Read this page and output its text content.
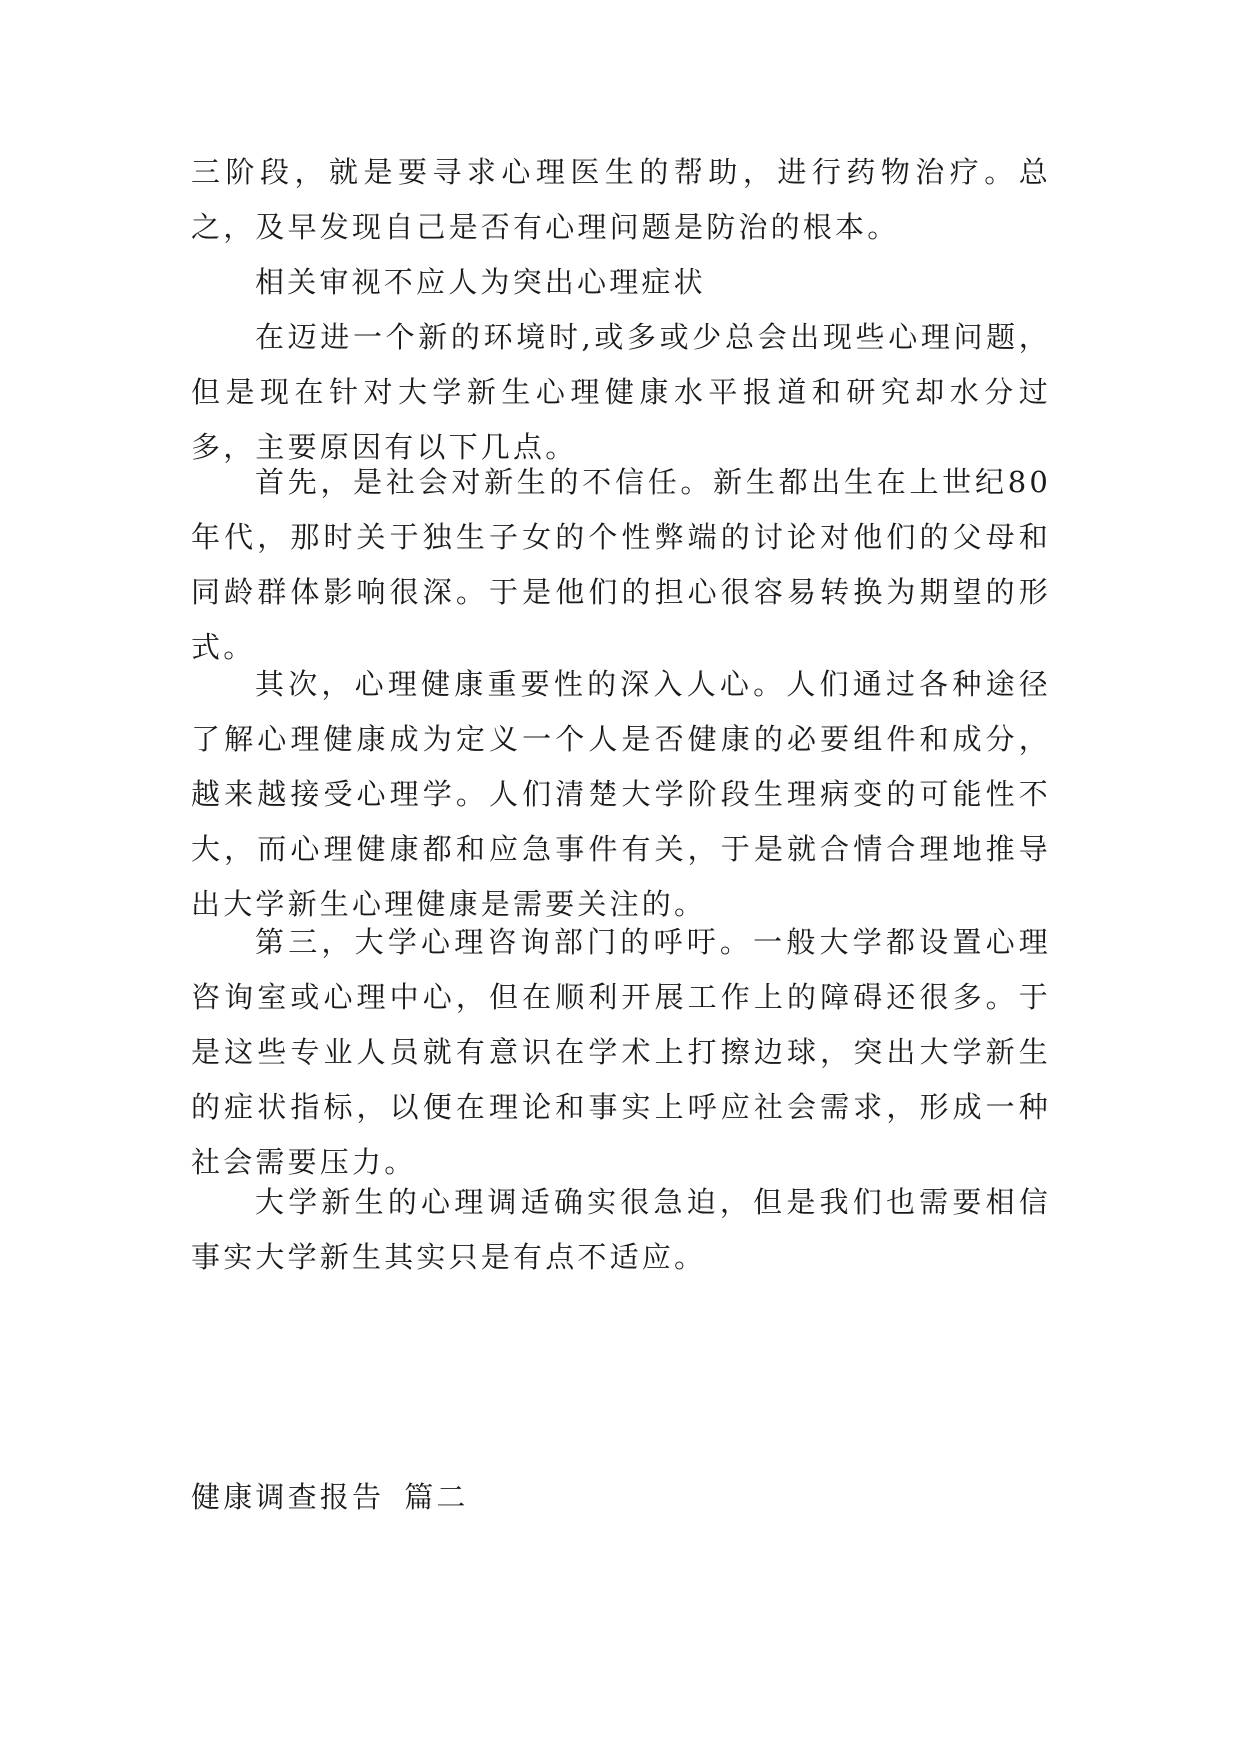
三阶段，就是要寻求心理医生的帮助，进行药物治疗。总之，及早发现自己是否有心理问题是防治的根本。

相关审视不应人为突出心理症状

在迈进一个新的环境时,或多或少总会出现些心理问题，但是现在针对大学新生心理健康水平报道和研究却水分过多，主要原因有以下几点。

首先，是社会对新生的不信任。新生都出生在上世纪80年代，那时关于独生子女的个性弊端的讨论对他们的父母和同龄群体影响很深。于是他们的担心很容易转换为期望的形式。

其次，心理健康重要性的深入人心。人们通过各种途径了解心理健康成为定义一个人是否健康的必要组件和成分，越来越接受心理学。人们清楚大学阶段生理病变的可能性不大，而心理健康都和应急事件有关，于是就合情合理地推导出大学新生心理健康是需要关注的。

第三，大学心理咨询部门的呼吁。一般大学都设置心理咨询室或心理中心，但在顺利开展工作上的障碍还很多。于是这些专业人员就有意识在学术上打擦边球，突出大学新生的症状指标，以便在理论和事实上呼应社会需求，形成一种社会需要压力。

大学新生的心理调适确实很急迫，但是我们也需要相信事实大学新生其实只是有点不适应。

健康调查报告 篇二
